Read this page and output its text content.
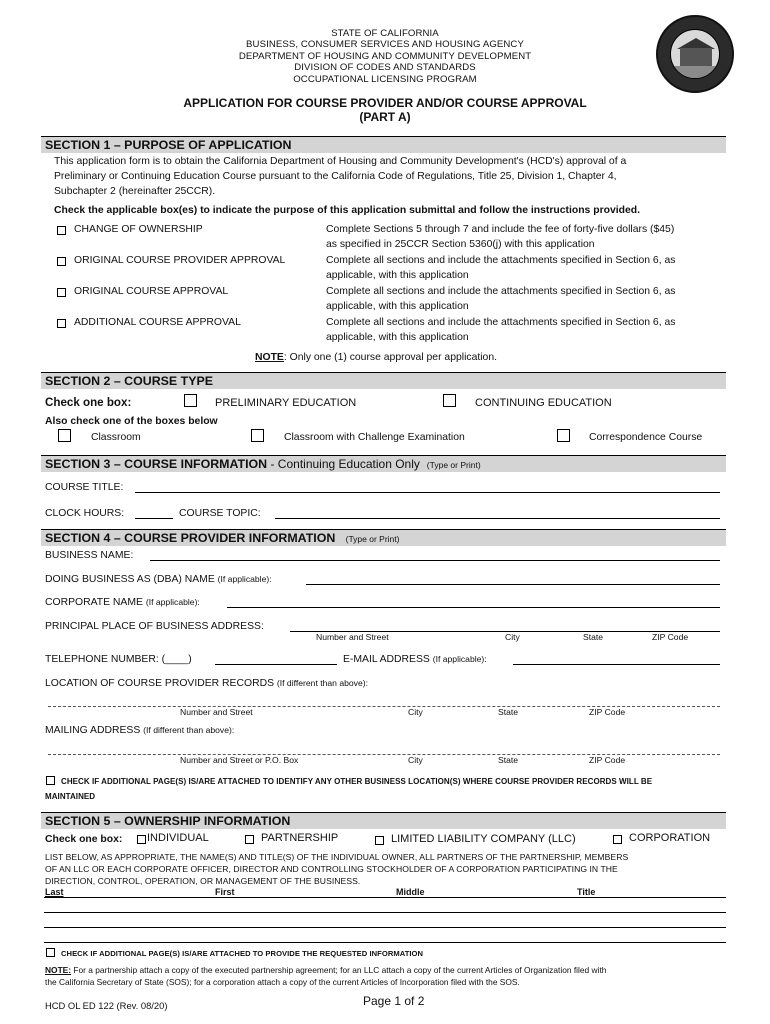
STATE OF CALIFORNIA
BUSINESS, CONSUMER SERVICES AND HOUSING AGENCY
DEPARTMENT OF HOUSING AND COMMUNITY DEVELOPMENT
DIVISION OF CODES AND STANDARDS
OCCUPATIONAL LICENSING PROGRAM
APPLICATION FOR COURSE PROVIDER AND/OR COURSE APPROVAL
(PART A)
SECTION 1 – PURPOSE OF APPLICATION
This application form is to obtain the California Department of Housing and Community Development's (HCD's) approval of a
Preliminary or Continuing Education Course pursuant to the California Code of Regulations, Title 25, Division 1, Chapter 4,
Subchapter 2 (hereinafter 25CCR).
Check the applicable box(es) to indicate the purpose of this application submittal and follow the instructions provided.
CHANGE OF OWNERSHIP	Complete Sections 5 through 7 and include the fee of forty-five dollars ($45)
as specified in 25CCR Section 5360(j) with this application
ORIGINAL COURSE PROVIDER APPROVAL	Complete all sections and include the attachments specified in Section 6, as
applicable, with this application
ORIGINAL COURSE APPROVAL	Complete all sections and include the attachments specified in Section 6, as
applicable, with this application
ADDITIONAL COURSE APPROVAL	Complete all sections and include the attachments specified in Section 6, as
applicable, with this application
NOTE: Only one (1) course approval per application.
SECTION 2 – COURSE TYPE
Check one box:	PRELIMINARY EDUCATION	CONTINUING EDUCATION
Also check one of the boxes below
Classroom	Classroom with Challenge Examination	Correspondence Course
SECTION 3 – COURSE INFORMATION - Continuing Education Only (Type or Print)
COURSE TITLE:
CLOCK HOURS:	COURSE TOPIC:
SECTION 4 – COURSE PROVIDER INFORMATION (Type or Print)
BUSINESS NAME:
DOING BUSINESS AS (DBA) NAME (If applicable):
CORPORATE NAME (If applicable):
PRINCIPAL PLACE OF BUSINESS ADDRESS:
Number and Street	City	State	ZIP Code
TELEPHONE NUMBER: (____)	E-MAIL ADDRESS (If applicable):
LOCATION OF COURSE PROVIDER RECORDS (If different than above):
Number and Street	City	State	ZIP Code
MAILING ADDRESS (If different than above):
Number and Street or P.O. Box	City	State	ZIP Code
CHECK IF ADDITIONAL PAGE(S) IS/ARE ATTACHED TO IDENTIFY ANY OTHER BUSINESS LOCATION(S) WHERE COURSE PROVIDER RECORDS WILL BE
MAINTAINED
SECTION 5 – OWNERSHIP INFORMATION
Check one box: INDIVIDUAL	PARTNERSHIP	LIMITED LIABILITY COMPANY (LLC)	CORPORATION
LIST BELOW, AS APPROPRIATE, THE NAME(S) AND TITLE(S) OF THE INDIVIDUAL OWNER, ALL PARTNERS OF THE PARTNERSHIP, MEMBERS
OF AN LLC OR EACH CORPORATE OFFICER, DIRECTOR AND CONTROLLING STOCKHOLDER OF A CORPORATION PARTICIPATING IN THE
DIRECTION, CONTROL, OPERATION, OR MANAGEMENT OF THE BUSINESS.
Last	First	Middle	Title
CHECK IF ADDITIONAL PAGE(S) IS/ARE ATTACHED TO PROVIDE THE REQUESTED INFORMATION
NOTE: For a partnership attach a copy of the executed partnership agreement; for an LLC attach a copy of the current Articles of Organization filed with
the California Secretary of State (SOS); for a corporation attach a copy of the current Articles of Incorporation filed with the SOS.
HCD OL ED 122 (Rev. 08/20)	Page 1 of 2
